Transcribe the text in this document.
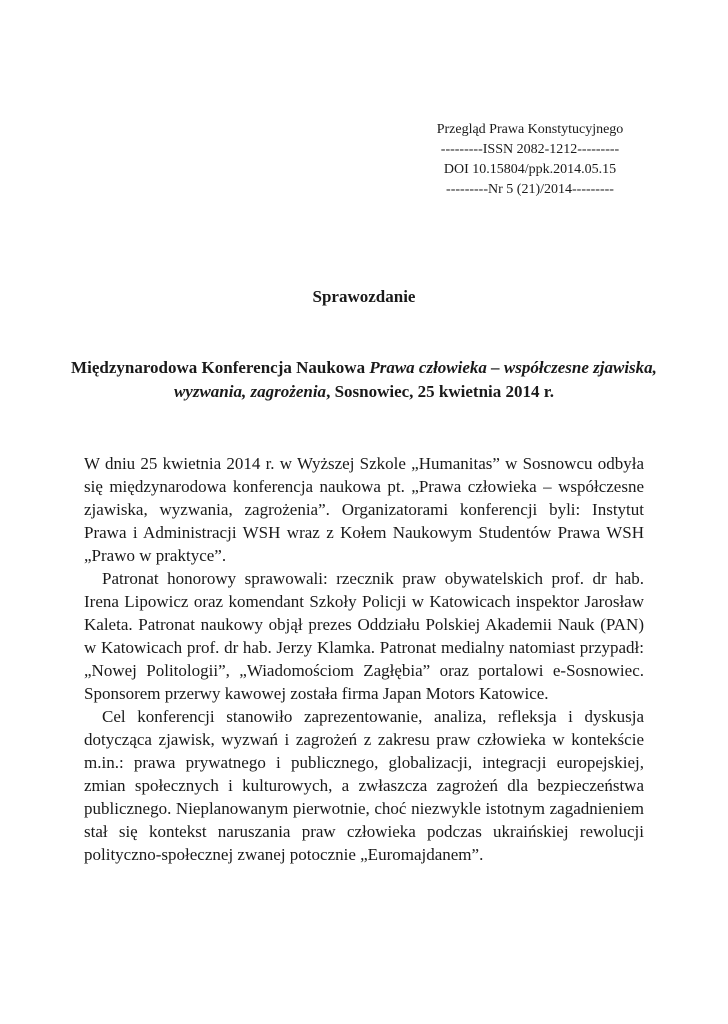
Przegląd Prawa Konstytucyjnego
---------ISSN 2082-1212---------
DOI 10.15804/ppk.2014.05.15
---------Nr 5 (21)/2014---------
Sprawozdanie
Międzynarodowa Konferencja Naukowa Prawa człowieka – współczesne zjawiska, wyzwania, zagrożenia, Sosnowiec, 25 kwietnia 2014 r.

W dniu 25 kwietnia 2014 r. w Wyższej Szkole „Humanitas” w Sosnowcu odbyła się międzynarodowa konferencja naukowa pt. „Prawa człowieka – współczesne zjawiska, wyzwania, zagrożenia”. Organizatorami konferencji byli: Instytut Prawa i Administracji WSH wraz z Kołem Naukowym Studentów Prawa WSH „Prawo w praktyce”.

Patronat honorowy sprawowali: rzecznik praw obywatelskich prof. dr hab. Irena Lipowicz oraz komendant Szkoły Policji w Katowicach inspektor Jarosław Kaleta. Patronat naukowy objął prezes Oddziału Polskiej Akademii Nauk (PAN) w Katowicach prof. dr hab. Jerzy Klamka. Patronat medialny natomiast przypadł: „Nowej Politologii”, „Wiadomościom Zagłębia” oraz portalowi e-Sosnowiec. Sponsorem przerwy kawowej została firma Japan Motors Katowice.

Cel konferencji stanowiło zaprezentowanie, analiza, refleksja i dyskusja dotycząca zjawisk, wyzwań i zagrożeń z zakresu praw człowieka w kontekście m.in.: prawa prywatnego i publicznego, globalizacji, integracji europejskiej, zmian społecznych i kulturowych, a zwłaszcza zagrożeń dla bezpieczeństwa publicznego. Nieplanowanym pierwotnie, choć niezwykle istotnym zagadnieniem stał się kontekst naruszania praw człowieka podczas ukraińskiej rewolucji polityczno-społecznej zwanej potocznie „Euromajdanem”.
